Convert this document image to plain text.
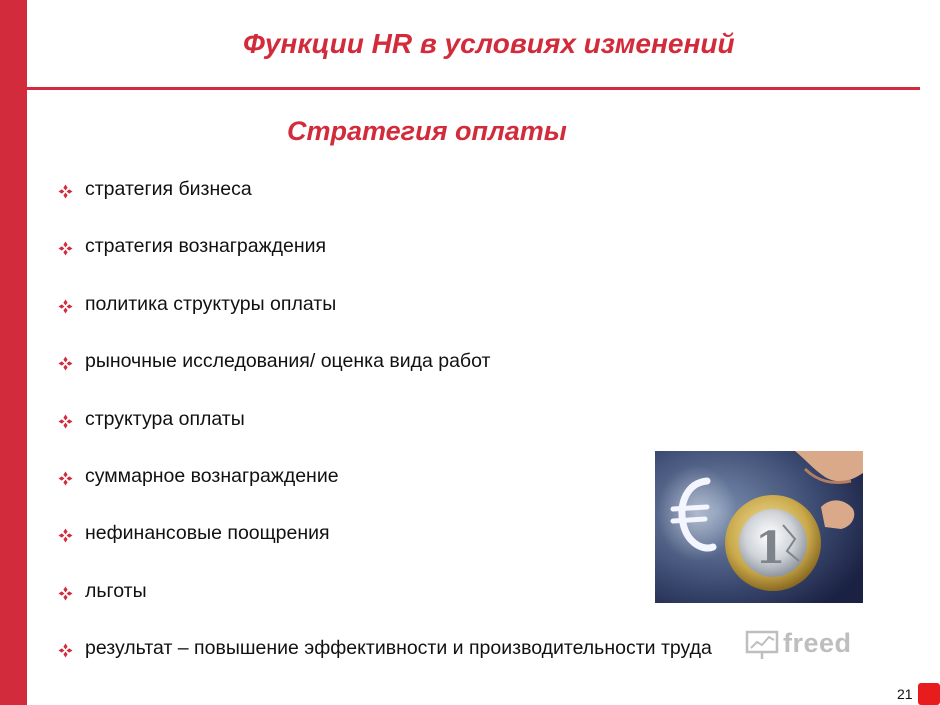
Функции HR в условиях изменений
Стратегия оплаты
стратегия бизнеса
стратегия вознаграждения
политика структуры оплаты
рыночные исследования/ оценка вида работ
структура оплаты
суммарное вознаграждение
нефинансовые поощрения
льготы
результат – повышение эффективности и производительности труда
1
freed
21
